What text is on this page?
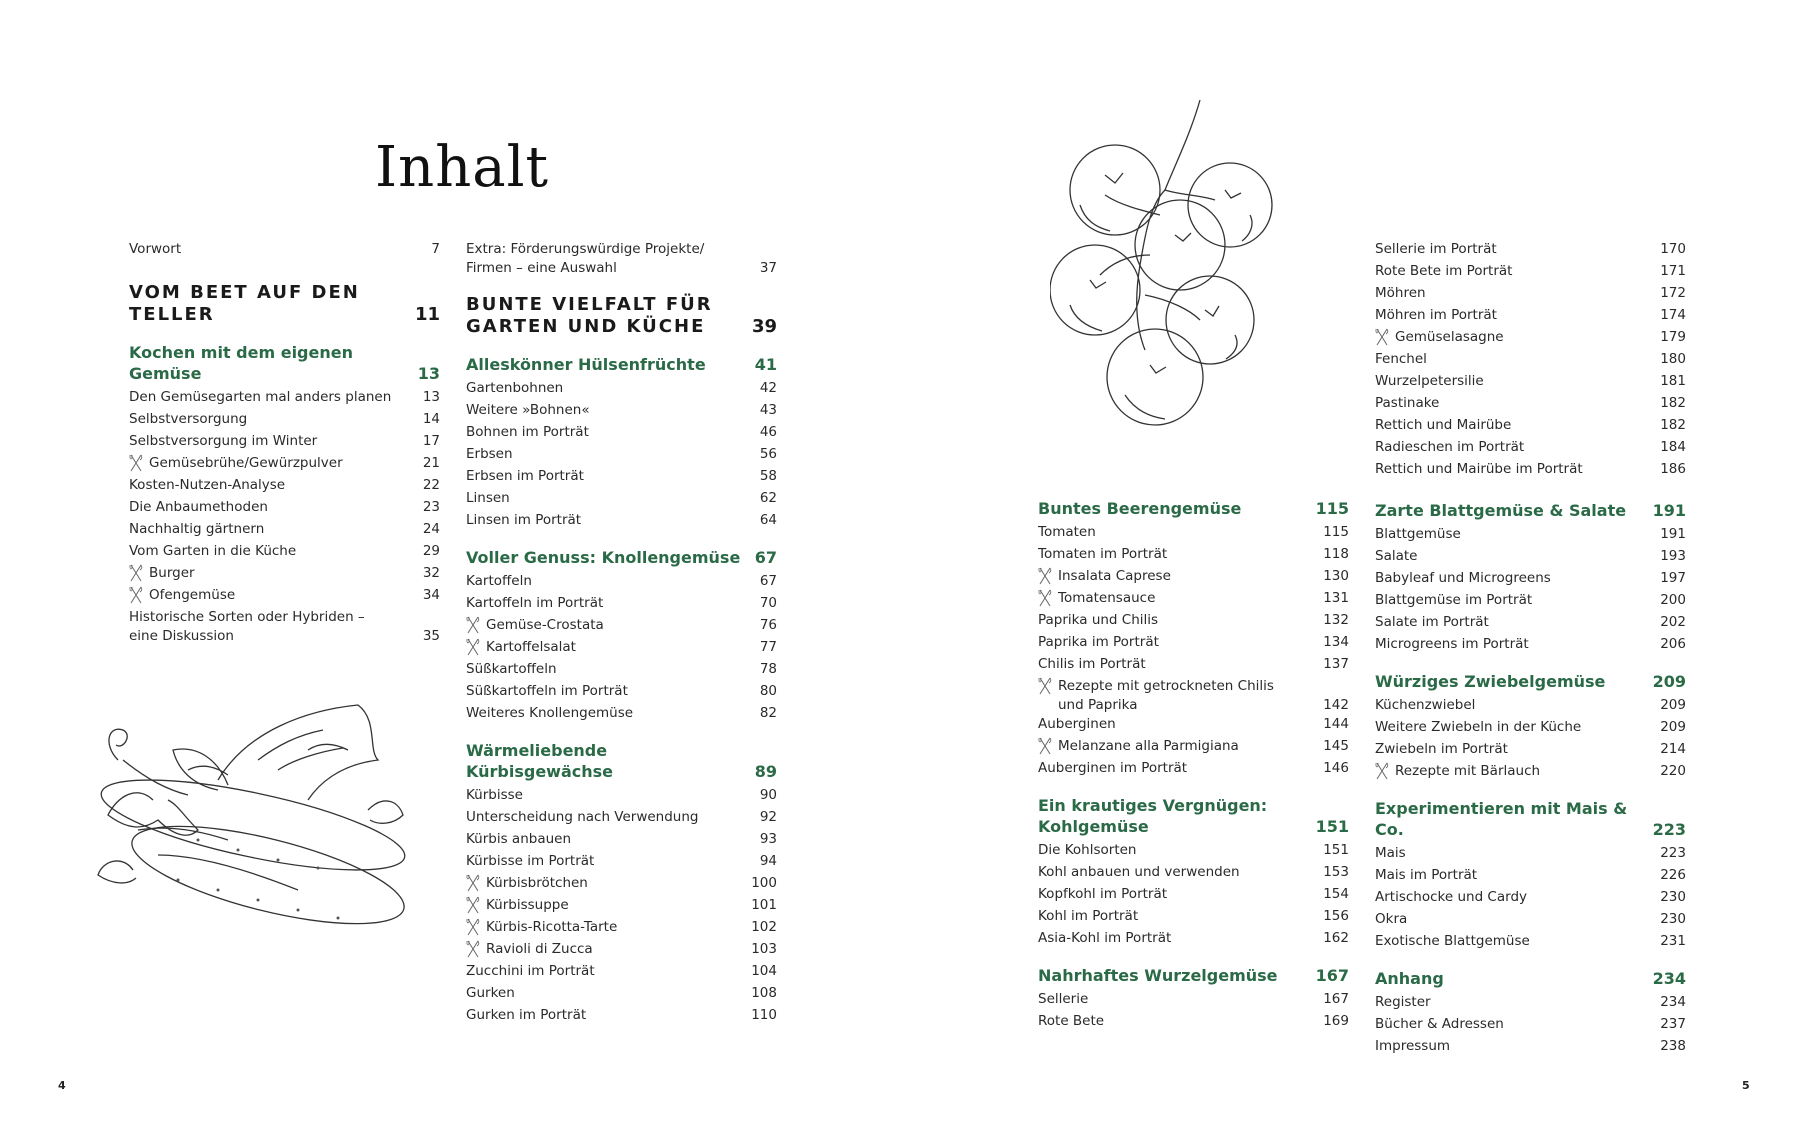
Inhalt
Vorwort	7
VOM BEET AUF DEN
TELLER	11
Kochen mit dem eigenen Gemüse	13
Den Gemüsegarten mal anders planen	13
Selbstversorgung	14
Selbstversorgung im Winter	17
Gemüsebrühe/Gewürzpulver	21
Kosten-Nutzen-Analyse	22
Die Anbaumethoden	23
Nachhaltig gärtnern	24
Vom Garten in die Küche	29
Burger	32
Ofengemüse	34
Historische Sorten oder Hybriden –
eine Diskussion	35
Extra: Förderungswürdige Projekte/
Firmen – eine Auswahl	37
BUNTE VIELFALT FÜR
GARTEN UND KÜCHE	39
Alleskönner Hülsenfrüchte	41
Gartenbohnen	42
Weitere »Bohnen«	43
Bohnen im Porträt	46
Erbsen	56
Erbsen im Porträt	58
Linsen	62
Linsen im Porträt	64
Voller Genuss: Knollengemüse 67
Kartoffeln	67
Kartoffeln im Porträt	70
Gemüse-Crostata	76
Kartoffelsalat	77
Süßkartoffeln	78
Süßkartoffeln im Porträt	80
Weiteres Knollengemüse	82
Wärmeliebende Kürbisgewächse	89
Kürbisse	90
Unterscheidung nach Verwendung	92
Kürbis anbauen	93
Kürbisse im Porträt	94
Kürbisbrötchen	100
Kürbissuppe	101
Kürbis-Ricotta-Tarte	102
Ravioli di Zucca	103
Zucchini im Porträt	104
Gurken	108
Gurken im Porträt	110
Buntes Beerengemüse	115
Tomaten	115
Tomaten im Porträt	118
Insalata Caprese	130
Tomatensauce	131
Paprika und Chilis	132
Paprika im Porträt	134
Chilis im Porträt	137
Rezepte mit getrockneten Chilis
und Paprika	142
Auberginen	144
Melanzane alla Parmigiana	145
Auberginen im Porträt	146
Ein krautiges Vergnügen:
Kohlgemüse	151
Die Kohlsorten	151
Kohl anbauen und verwenden	153
Kopfkohl im Porträt	154
Kohl im Porträt	156
Asia-Kohl im Porträt	162
Nahrhaftes Wurzelgemüse 167
Sellerie	167
Rote Bete	169
Sellerie im Porträt	170
Rote Bete im Porträt	171
Möhren	172
Möhren im Porträt	174
Gemüselasagne	179
Fenchel	180
Wurzelpetersilie	181
Pastinake	182
Rettich und Mairübe	182
Radieschen im Porträt	184
Rettich und Mairübe im Porträt	186
Zarte Blattgemüse & Salate 191
Blattgemüse	191
Salate	193
Babyleaf und Microgreens	197
Blattgemüse im Porträt	200
Salate im Porträt	202
Microgreens im Porträt	206
Würziges Zwiebelgemüse	209
Küchenzwiebel	209
Weitere Zwiebeln in der Küche	209
Zwiebeln im Porträt	214
Rezepte mit Bärlauch	220
Experimentieren mit Mais & Co.	223
Mais	223
Mais im Porträt	226
Artischocke und Cardy	230
Okra	230
Exotische Blattgemüse	231
Anhang	234
Register	234
Bücher & Adressen	237
Impressum	238
4	5
